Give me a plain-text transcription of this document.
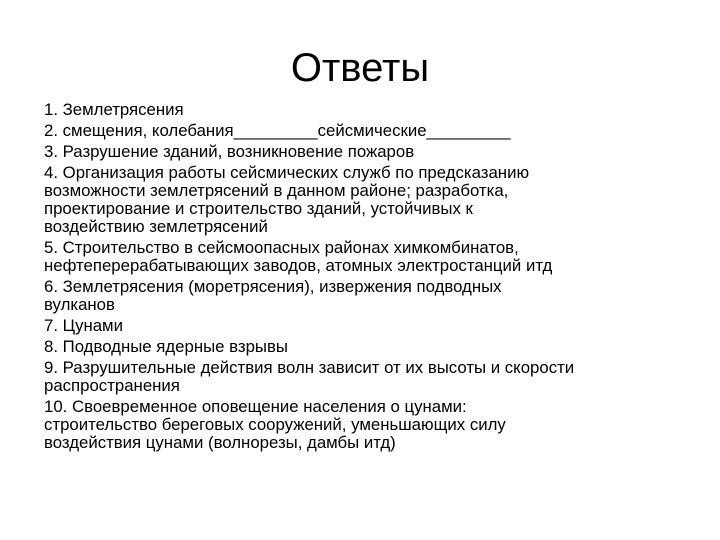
Ответы
1. Землетрясения
2. смещения, колебания_________сейсмические_________
3. Разрушение зданий, возникновение пожаров
4. Организация работы сейсмических служб по предсказанию
возможности землетрясений в данном районе; разработка,
проектирование и строительство зданий, устойчивых к
воздействию землетрясений
5. Строительство в сейсмоопасных районах химкомбинатов,
нефтеперерабатывающих заводов, атомных электростанций итд
6. Землетрясения (моретрясения), извержения подводных
вулканов
7. Цунами
8. Подводные ядерные взрывы
9. Разрушительные действия волн зависит от их высоты и скорости
распространения
10. Своевременное оповещение населения о цунами:
строительство береговых сооружений, уменьшающих силу
воздействия цунами (волнорезы, дамбы итд)
